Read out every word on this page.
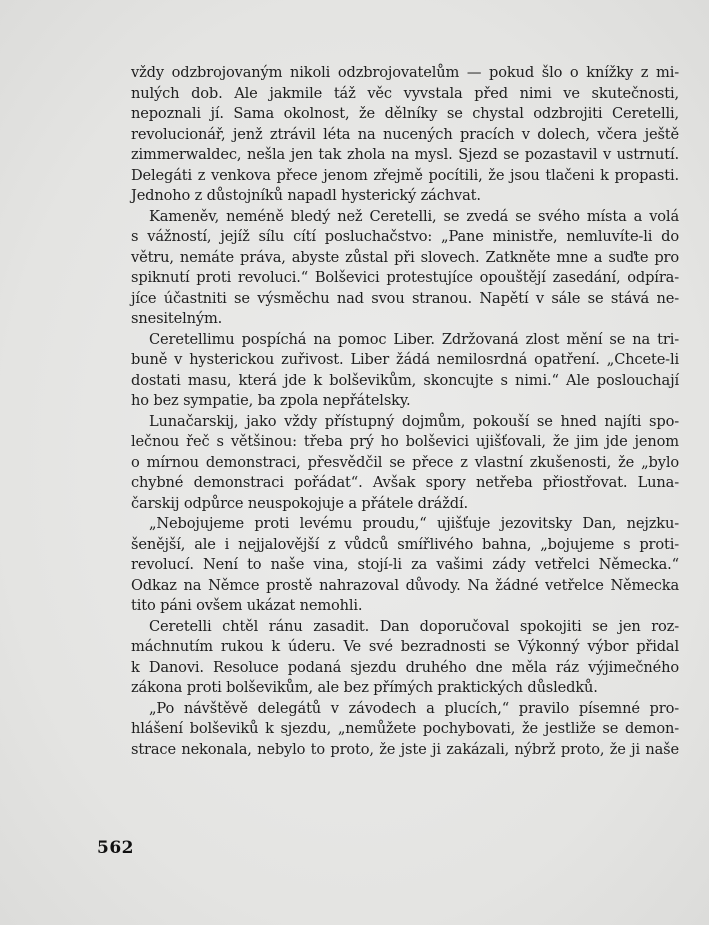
vždy odzbrojovaným nikoli odzbrojovatelům — pokud šlo o knížky z mi-
nulých dob. Ale jakmile táž věc vyvstala před nimi ve skutečnosti,
nepoznali jí. Sama okolnost, že dělníky se chystal odzbrojiti Ceretelli,
revolucionář, jenž ztrávil léta na nucených pracích v dolech, včera ještě
zimmerwaldec, nešla jen tak zhola na mysl. Sjezd se pozastavil v ustrnutí.
Delegáti z venkova přece jenom zřejmě pocítili, že jsou tlačeni k propasti.
Jednoho z důstojníků napadl hysterický záchvat.
Kameněv, neméně bledý než Ceretelli, se zvedá se svého místa a volá
s vážností, jejíž sílu cítí posluchačstvo: „Pane ministře, nemluvíte-li do
větru, nemáte práva, abyste zůstal při slovech. Zatkněte mne a suďte pro
spiknutí proti revoluci.“ Bolševici protestujíce opouštějí zasedání, odpíra-
jíce účastniti se výsměchu nad svou stranou. Napětí v sále se stává ne-
snesitelným.
Ceretellimu pospíchá na pomoc Liber. Zdržovaná zlost mění se na tri-
buně v hysterickou zuřivost. Liber žádá nemilosrdná opatření. „Chcete-li
dostati masu, která jde k bolševikům, skoncujte s nimi.“ Ale poslouchají
ho bez sympatie, ba zpola nepřátelsky.
Lunačarskij, jako vždy přístupný dojmům, pokouší se hned najíti spo-
lečnou řeč s většinou: třeba prý ho bolševici ujišťovali, že jim jde jenom
o mírnou demonstraci, přesvědčil se přece z vlastní zkušenosti, že „bylo
chybné demonstraci pořádat“. Avšak spory netřeba přiostřovat. Luna-
čarskij odpůrce neuspokojuje a přátele dráždí.
„Nebojujeme proti levému proudu,“ ujišťuje jezovitsky Dan, nejzku-
šenější, ale i nejjalovější z vůdců smířlivého bahna, „bojujeme s proti-
revolucí. Není to naše vina, stojí-li za vašimi zády vetřelci Německa.“
Odkaz na Němce prostě nahrazoval důvody. Na žádné vetřelce Německa
tito páni ovšem ukázat nemohli.
Ceretelli chtěl ránu zasadit. Dan doporučoval spokojiti se jen roz-
máchnutím rukou k úderu. Ve své bezradnosti se Výkonný výbor přidal
k Danovi. Resoluce podaná sjezdu druhého dne měla ráz výjimečného
zákona proti bolševikům, ale bez přímých praktických důsledků.
„Po návštěvě delegátů v závodech a plucích,“ pravilo písemné pro-
hlášení bolševiků k sjezdu, „nemůžete pochybovati, že jestliže se demon-
strace nekonala, nebylo to proto, že jste ji zakázali, nýbrž proto, že ji naše
562
